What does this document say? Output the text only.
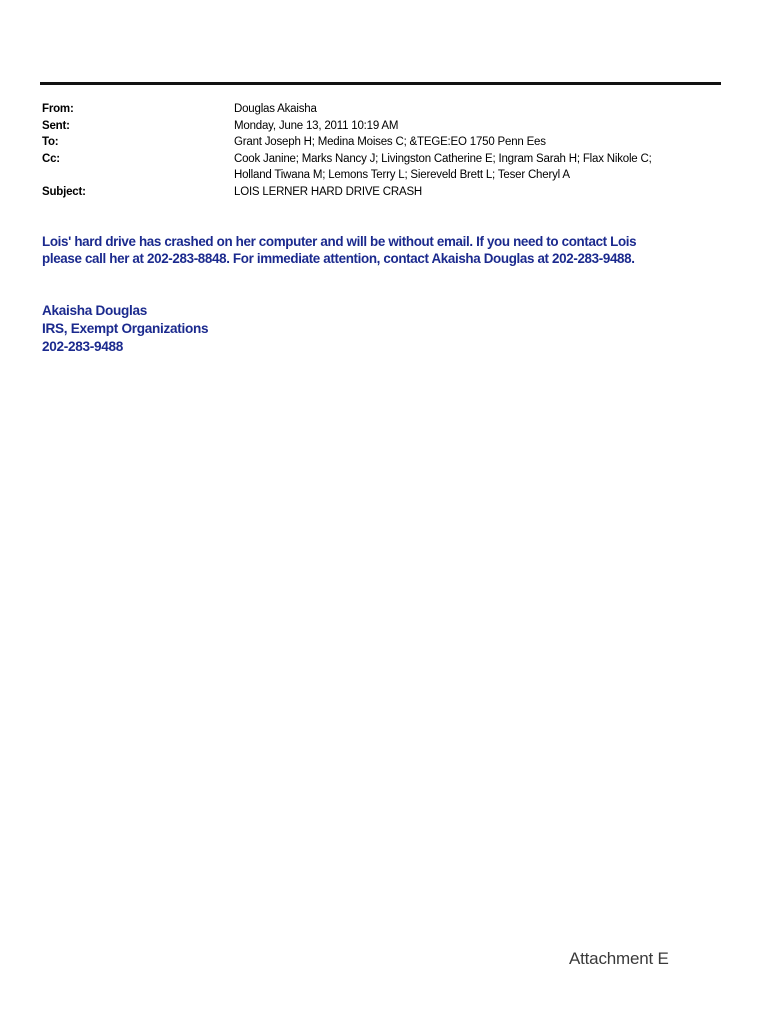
From:	Douglas Akaisha
Sent:	Monday, June 13, 2011 10:19 AM
To:	Grant Joseph H; Medina Moises C; &TEGE:EO 1750 Penn Ees
Cc:	Cook Janine; Marks Nancy J; Livingston Catherine E; Ingram Sarah H; Flax Nikole C;
Holland Tiwana M; Lemons Terry L; Siereveld Brett L; Teser Cheryl A
Subject:	LOIS LERNER HARD DRIVE CRASH
Lois' hard drive has crashed on her computer and will be without email. If you need to contact Lois
please call her at 202-283-8848. For immediate attention, contact Akaisha Douglas at 202-283-9488.
Akaisha Douglas
IRS, Exempt Organizations
202-283-9488
Attachment E
